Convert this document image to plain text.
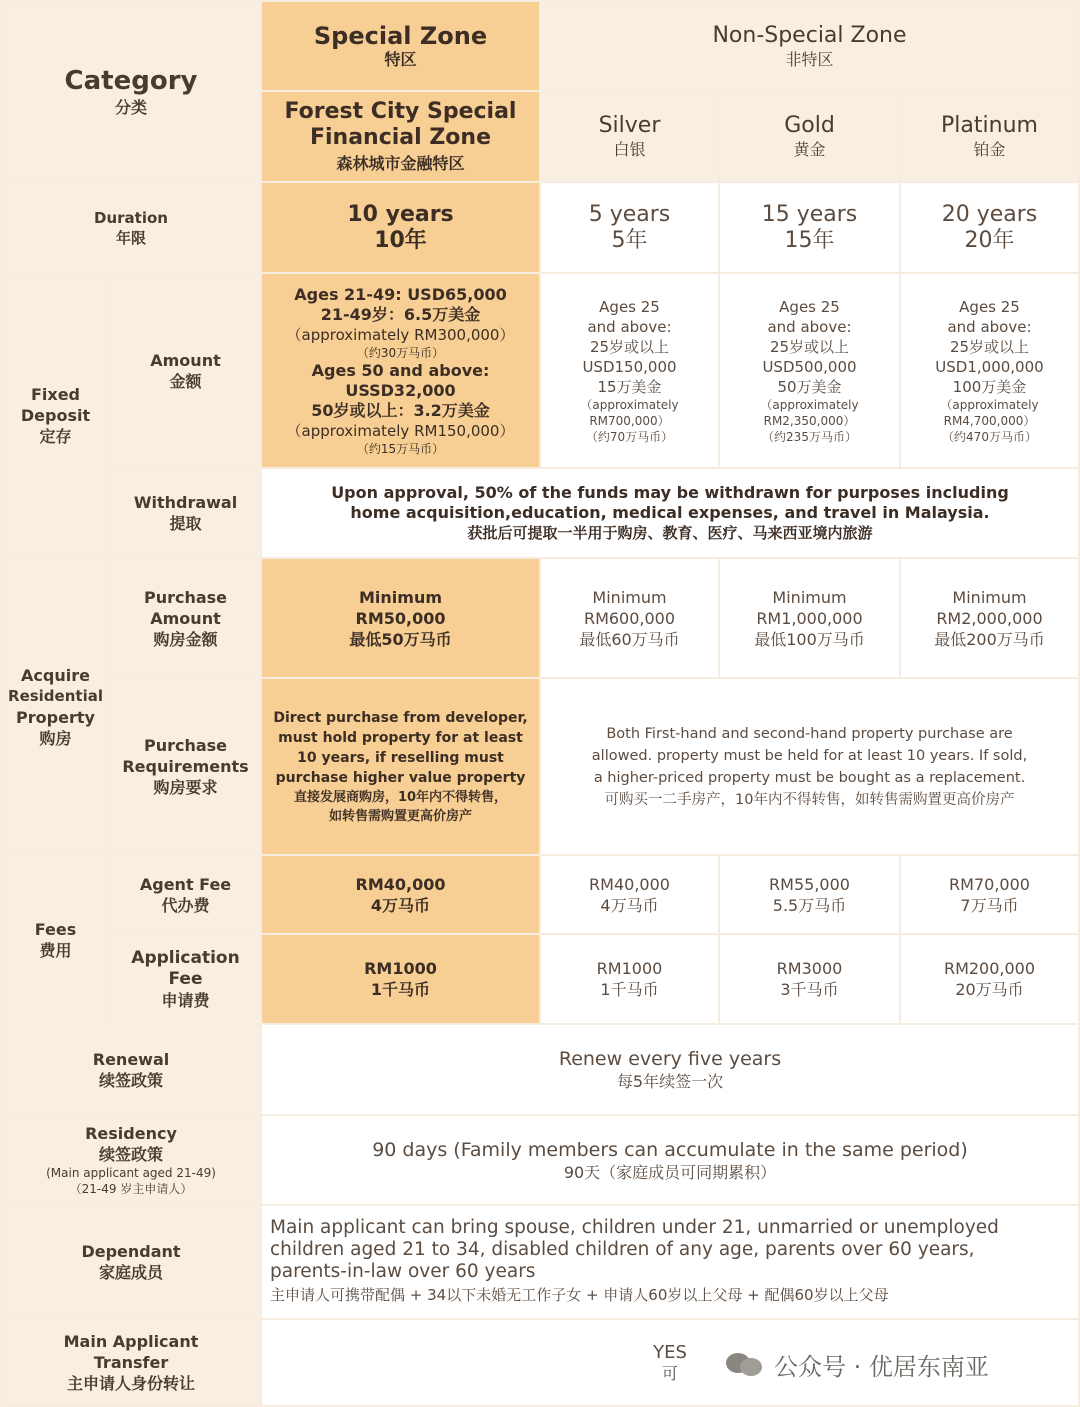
Category
分类
Special Zone
特区
Non-Special Zone
非特区
Forest City Special
Financial Zone
森林城市金融特区
Silver
白银
Gold
黄金
Platinum
铂金
Duration
年限
10 years
10年
5 years
5年
15 years
15年
20 years
20年
Fixed
Deposit
定存
Amount
金额
Ages 21-49: USD65,000
21-49岁：6.5万美金
（approximately RM300,000）
（约30万马币）
Ages 50 and above:
USSD32,000
50岁或以上：3.2万美金
（approximately RM150,000）
（约15万马币）
Ages 25
and above:
25岁或以上
USD150,000
15万美金
（approximately
RM700,000）
（约70万马币）
Ages 25
and above:
25岁或以上
USD500,000
50万美金
（approximately
RM2,350,000）
（约235万马币）
Ages 25
and above:
25岁或以上
USD1,000,000
100万美金
（approximately
RM4,700,000）
（约470万马币）
Withdrawal
提取
Upon approval, 50% of the funds may be withdrawn for purposes including
home acquisition,education, medical expenses, and travel in Malaysia.
获批后可提取一半用于购房、教育、医疗、马来西亚境内旅游
Acquire
Residential
Property
购房
Purchase
Amount
购房金额
Minimum
RM50,000
最低50万马币
Minimum
RM600,000
最低60万马币
Minimum
RM1,000,000
最低100万马币
Minimum
RM2,000,000
最低200万马币
Purchase
Requirements
购房要求
Direct purchase from developer,
must hold property for at least
10 years, if reselling must
purchase higher value property
直接发展商购房，10年内不得转售，
如转售需购置更高价房产
Both First-hand and second-hand property purchase are
allowed. property must be held for at least 10 years. If sold,
a higher-priced property must be bought as a replacement.
可购买一二手房产，10年内不得转售，如转售需购置更高价房产
Fees
费用
Agent Fee
代办费
RM40,000
4万马币
RM40,000
4万马币
RM55,000
5.5万马币
RM70,000
7万马币
Application
Fee
申请费
RM1000
1千马币
RM1000
1千马币
RM3000
3千马币
RM200,000
20万马币
Renewal
续签政策
Renew every five years
每5年续签一次
Residency
续签政策
(Main applicant aged 21-49)
（21-49 岁主申请人）
90 days (Family members can accumulate in the same period)
90天（家庭成员可同期累积）
Dependant
家庭成员
Main applicant can bring spouse, children under 21, unmarried or unemployed
children aged 21 to 34, disabled children of any age, parents over 60 years,
parents-in-law over 60 years
主申请人可携带配偶 + 34以下未婚无工作子女 + 申请人60岁以上父母 + 配偶60岁以上父母
Main Applicant
Transfer
主申请人身份转让
YES
可	公众号 · 优居东南亚
